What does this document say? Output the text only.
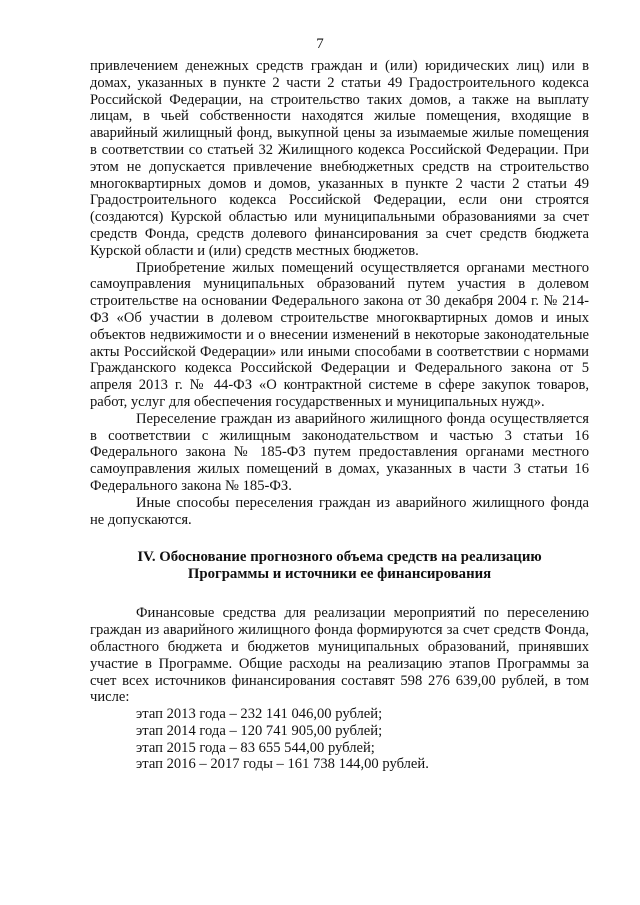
7

привлечением денежных средств граждан и (или) юридических лиц) или в домах, указанных в пункте 2 части 2 статьи 49 Градостроительного кодекса Российской Федерации, на строительство таких домов, а также на выплату лицам, в чьей собственности находятся жилые помещения, входящие в аварийный жилищный фонд, выкупной цены за изымаемые жилые помещения в соответствии со статьей 32 Жилищного кодекса Российской Федерации. При этом не допускается привлечение внебюджетных средств на строительство многоквартирных домов и домов, указанных в пункте 2 части 2 статьи 49 Градостроительного кодекса Российской Федерации, если они строятся (создаются) Курской областью или муниципальными образованиями за счет средств Фонда, средств долевого финансирования за счет средств бюджета Курской области и (или) средств местных бюджетов.

Приобретение жилых помещений осуществляется органами местного самоуправления муниципальных образований путем участия в долевом строительстве на основании Федерального закона от 30 декабря 2004 г. № 214-ФЗ «Об участии в долевом строительстве многоквартирных домов и иных объектов недвижимости и о внесении изменений в некоторые законодательные акты Российской Федерации» или иными способами в соответствии с нормами Гражданского кодекса Российской Федерации и Федерального закона от 5 апреля 2013 г. № 44-ФЗ «О контрактной системе в сфере закупок товаров, работ, услуг для обеспечения государственных и муниципальных нужд».

Переселение граждан из аварийного жилищного фонда осуществляется в соответствии с жилищным законодательством и частью 3 статьи 16 Федерального закона № 185-ФЗ путем предоставления органами местного самоуправления жилых помещений в домах, указанных в части 3 статьи 16 Федерального закона № 185-ФЗ.

Иные способы переселения граждан из аварийного жилищного фонда не допускаются.

IV. Обоснование прогнозного объема средств на реализацию
Программы и источники ее финансирования

Финансовые средства для реализации мероприятий по переселению граждан из аварийного жилищного фонда формируются за счет средств Фонда, областного бюджета и бюджетов муниципальных образований, принявших участие в Программе. Общие расходы на реализацию этапов Программы за счет всех источников финансирования составят 598 276 639,00 рублей, в том числе:

этап 2013 года – 232 141 046,00 рублей;

этап 2014 года – 120 741 905,00 рублей;

этап 2015 года – 83 655 544,00 рублей;

этап 2016 – 2017 годы – 161 738 144,00 рублей.
